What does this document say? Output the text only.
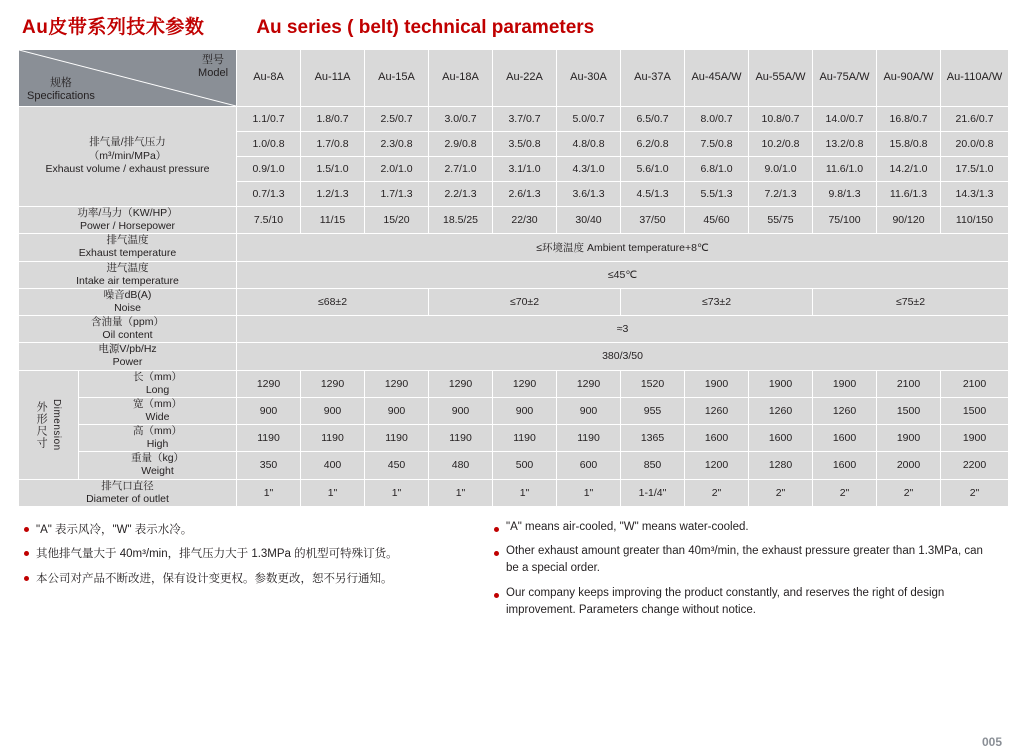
Au皮带系列技术参数	Au series ( belt) technical parameters
型号
Model
规格
Specifications		Au-8A	Au-11A	Au-15A	Au-18A	Au-22A	Au-30A	Au-37A	Au-45A/W	Au-55A/W	Au-75A/W	Au-90A/W	Au-110A/W

排气量/排气压力
（m³/min/MPa）
Exhaust volume / exhaust pressure		1.1/0.7	1.8/0.7	2.5/0.7	3.0/0.7	3.7/0.7	5.0/0.7	6.5/0.7	8.0/0.7	10.8/0.7	14.0/0.7	16.8/0.7	21.6/0.7
		1.0/0.8	1.7/0.8	2.3/0.8	2.9/0.8	3.5/0.8	4.8/0.8	6.2/0.8	7.5/0.8	10.2/0.8	13.2/0.8	15.8/0.8	20.0/0.8
		0.9/1.0	1.5/1.0	2.0/1.0	2.7/1.0	3.1/1.0	4.3/1.0	5.6/1.0	6.8/1.0	9.0/1.0	11.6/1.0	14.2/1.0	17.5/1.0
		0.7/1.3	1.2/1.3	1.7/1.3	2.2/1.3	2.6/1.3	3.6/1.3	4.5/1.3	5.5/1.3	7.2/1.3	9.8/1.3	11.6/1.3	14.3/1.3

功率/马力（KW/HP）
Power / Horsepower		7.5/10	11/15	15/20	18.5/25	22/30	30/40	37/50	45/60	55/75	75/100	90/120	110/150

排气温度
Exhaust temperature		≤环境温度 Ambient temperature+8℃											

进气温度
Intake air temperature		≤45℃											

噪音dB(A)
Noise		≤68±2			≤70±2			≤73±2			≤75±2		

含油量（ppm）
Oil content		≈3											

电源V/pb/Hz
Power		380/3/50											

外形尺寸 Dimension

长（mm）
Long	1290	1290	1290	1290	1290	1290	1520	1900	1900	1900	2100	2100

	宽（mm）
Wide	900	900	900	900	900	900	955	1260	1260	1260	1500	1500

	高（mm）
High	1190	1190	1190	1190	1190	1190	1365	1600	1600	1600	1900	1900

	重量（kg）
Weight	350	400	450	480	500	600	850	1200	1280	1600	2000	2200

排气口直径
Diameter of outlet		1"	1"	1"	1"	1"	1"	1-1/4"	2"	2"	2"	2"	2"
"A" 表示风冷，"W" 表示水冷。
其他排气量大于 40m³/min，排气压力大于 1.3MPa 的机型可特殊订货。
本公司对产品不断改进，保有设计变更权。参数更改，恕不另行通知。
"A" means air-cooled, "W" means water-cooled.
Other exhaust amount greater than 40m³/min, the exhaust pressure greater than 1.3MPa, can be a special order.
Our company keeps improving the product constantly, and reserves the right of design improvement. Parameters change without notice.
005
